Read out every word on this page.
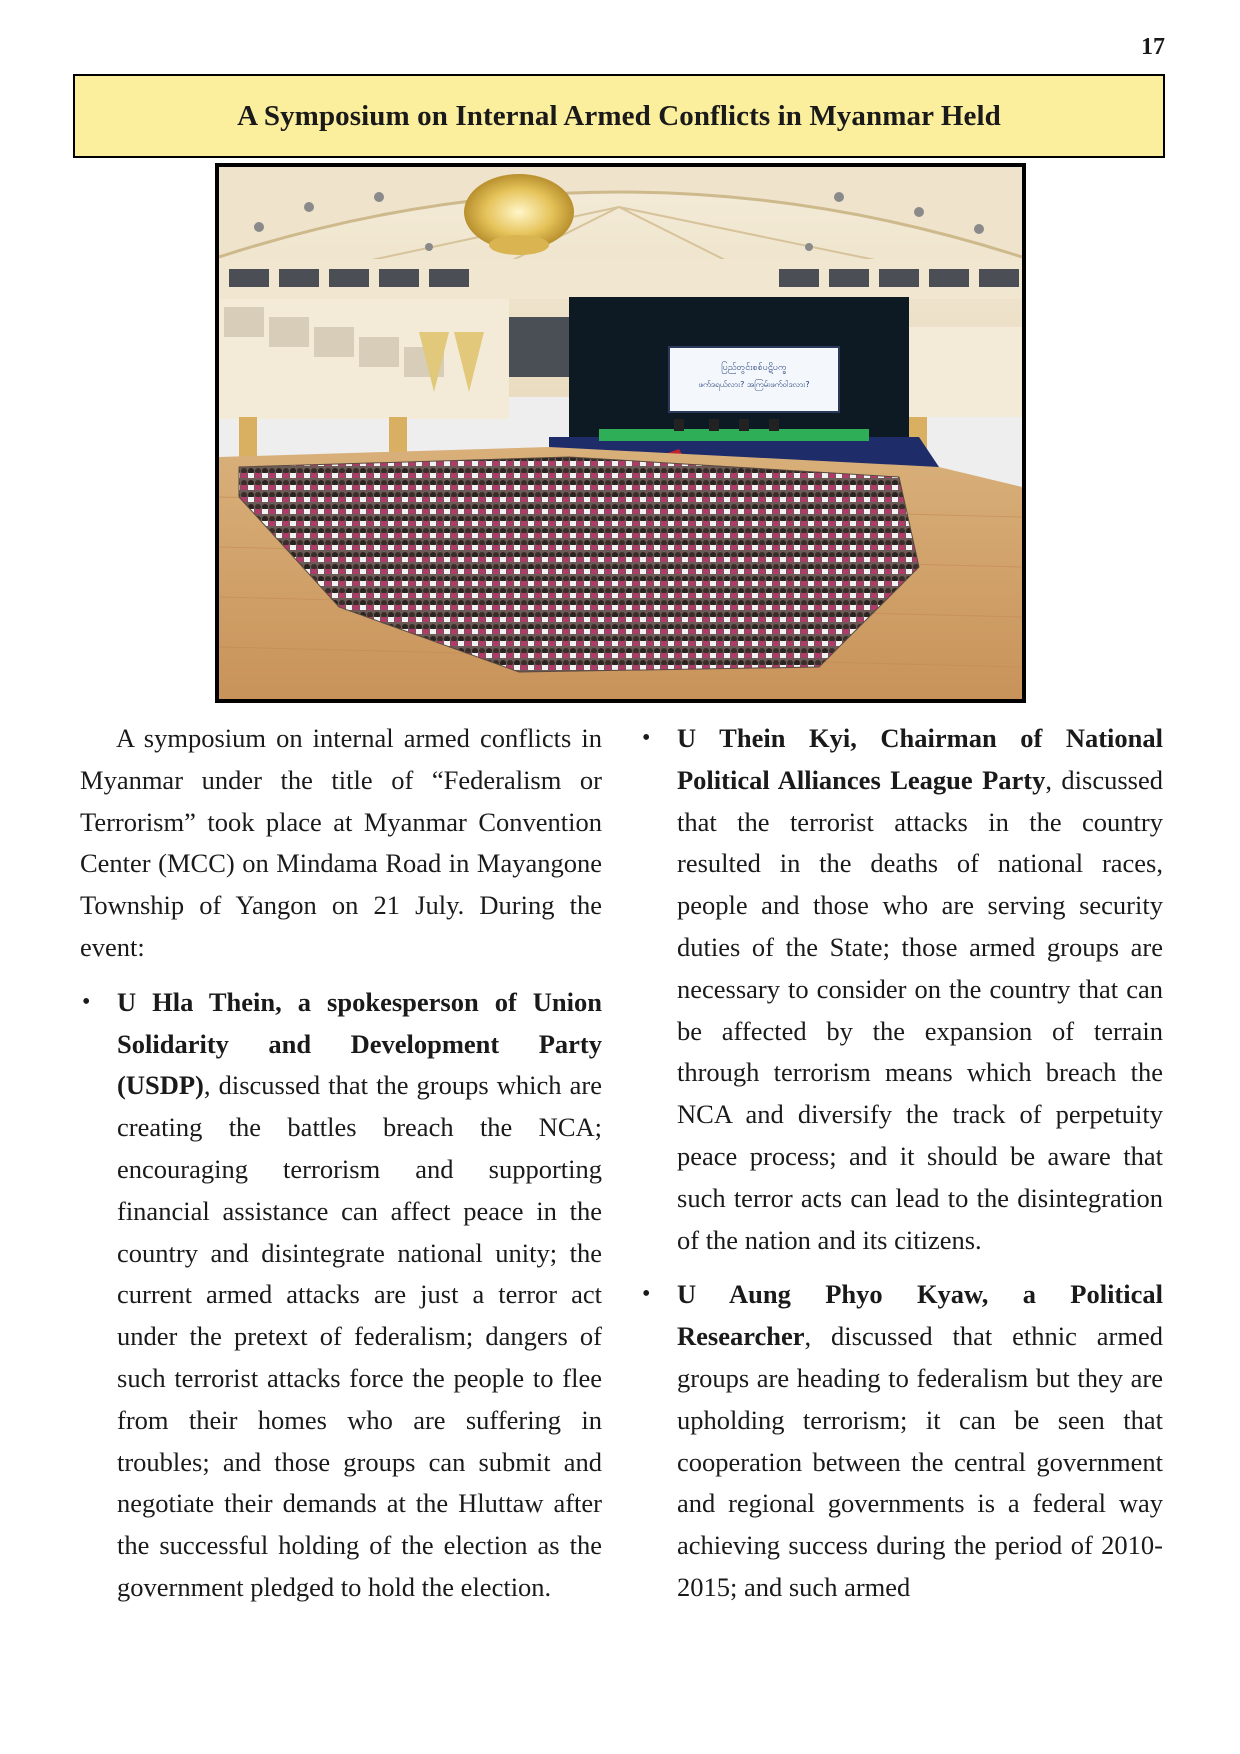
17
A Symposium on Internal Armed Conflicts in Myanmar Held
ပြည်တွင်းစစ်ပဋိပက္ခ
ဖက်ဒရယ်လား? အကြမ်းဖက်ဝါဒလား?

A symposium on internal armed conflicts in Myanmar under the title of “Federalism or Terrorism” took place at Myanmar Convention Center (MCC) on Mindama Road in Mayangone Township of Yangon on 21 July. During the event:

• U Hla Thein, a spokesperson of Union Solidarity and Development Party (USDP), discussed that the groups which are creating the battles breach the NCA; encouraging terrorism and supporting financial assistance can affect peace in the country and disintegrate national unity; the current armed attacks are just a terror act under the pretext of federalism; dangers of such terrorist attacks force the people to flee from their homes who are suffering in troubles; and those groups can submit and negotiate their demands at the Hluttaw after the successful holding of the election as the government pledged to hold the election.

• U Thein Kyi, Chairman of National Political Alliances League Party, discussed that the terrorist attacks in the country resulted in the deaths of national races, people and those who are serving security duties of the State; those armed groups are necessary to consider on the country that can be affected by the expansion of terrain through terrorism means which breach the NCA and diversify the track of perpetuity peace process; and it should be aware that such terror acts can lead to the disintegration of the nation and its citizens.

• U Aung Phyo Kyaw, a Political Researcher, discussed that ethnic armed groups are heading to federalism but they are upholding terrorism; it can be seen that cooperation between the central government and regional governments is a federal way achieving success during the period of 2010-2015; and such armed
